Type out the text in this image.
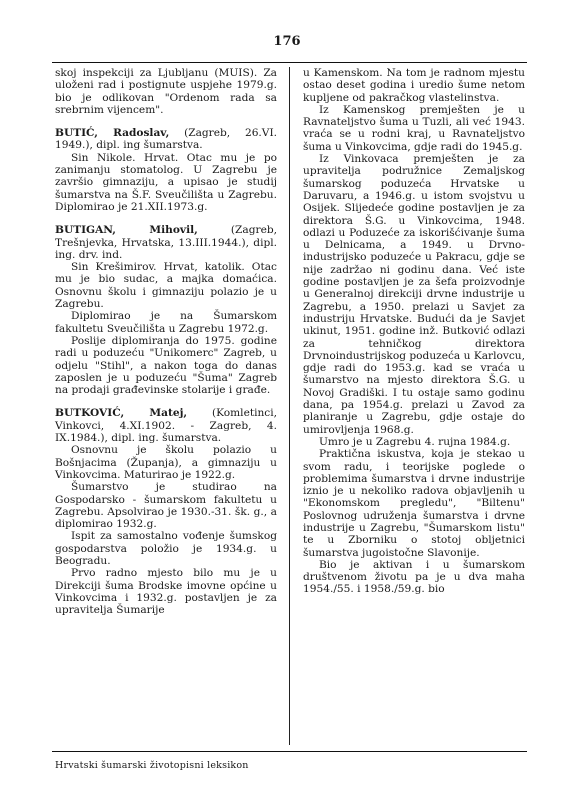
176

skoj inspekciji za Ljubljanu (MUIS). Za uloženi rad i postignute uspjehe 1979.g. bio je odlikovan "Ordenom rada sa srebrnim vijencem".

BUTIĆ, Radoslav, (Zagreb, 26.VI. 1949.), dipl. ing šumarstva.

Sin Nikole. Hrvat. Otac mu je po zanimanju stomatolog. U Zagrebu je završio gimnaziju, a upisao je studij šumarstva na Š.F. Sveučilišta u Zagrebu. Diplomirao je 21.XII.1973.g.

BUTIGAN, Mihovil, (Zagreb, Trešnjevka, Hrvatska, 13.III.1944.), dipl. ing. drv. ind.

Sin Krešimirov. Hrvat, katolik. Otac mu je bio sudac, a majka domaćica. Osnovnu školu i gimnaziju polazio je u Zagrebu.

Diplomirao je na Šumarskom fakultetu Sveučilišta u Zagrebu 1972.g.

Poslije diplomiranja do 1975. godine radi u poduzeću "Unikomerc" Zagreb, u odjelu "Stihl", a nakon toga do danas zaposlen je u poduzeću "Šuma" Zagreb na prodaji građevinske stolarije i građe.

BUTKOVIĆ, Matej, (Komletinci, Vinkovci, 4.XI.1902. - Zagreb, 4. IX.1984.), dipl. ing. šumarstva.

Osnovnu je školu polazio u Bošnjacima (Županja), a gimnaziju u Vinkovcima. Maturirao je 1922.g.

Šumarstvo je studirao na Gospodarsko - šumarskom fakultetu u Zagrebu. Apsolvirao je 1930.-31. šk. g., a diplomirao 1932.g.

Ispit za samostalno vođenje šumskog gospodarstva položio je 1934.g. u Beogradu.

Prvo radno mjesto bilo mu je u Direkciji šuma Brodske imovne općine u Vinkovcima i 1932.g. postavljen je za upravitelja Šumarije

u Kamenskom. Na tom je radnom mjestu ostao deset godina i uredio šume netom kupljene od pakračkog vlastelinstva.

Iz Kamenskog premješten je u Ravnateljstvo šuma u Tuzli, ali već 1943. vraća se u rodni kraj, u Ravnateljstvo šuma u Vinkovcima, gdje radi do 1945.g.

Iz Vinkovaca premješten je za upravitelja podružnice Zemaljskog šumarskog poduzeća Hrvatske u Daruvaru, a 1946.g. u istom svojstvu u Osijek. Slijedeće godine postavljen je za direktora Š.G. u Vinkovcima, 1948. odlazi u Poduzeće za iskorišćivanje šuma u Delnicama, a 1949. u Drvno-industrijsko poduzeće u Pakracu, gdje se nije zadržao ni godinu dana. Već iste godine postavljen je za šefa proizvodnje u Generalnoj direkciji drvne industrije u Zagrebu, a 1950. prelazi u Savjet za industriju Hrvatske. Budući da je Savjet ukinut, 1951. godine inž. Butković odlazi za tehničkog direktora Drvnoindustrijskog poduzeća u Karlovcu, gdje radi do 1953.g. kad se vraća u šumarstvo na mjesto direktora Š.G. u Novoj Gradiški. I tu ostaje samo godinu dana, pa 1954.g. prelazi u Zavod za planiranje u Zagrebu, gdje ostaje do umirovljenja 1968.g.

Umro je u Zagrebu 4. rujna 1984.g.

Praktična iskustva, koja je stekao u svom radu, i teorijske poglede o problemima šumarstva i drvne industrije iznio je u nekoliko radova objavljenih u "Ekonomskom pregledu", "Biltenu" Poslovnog udruženja šumarstva i drvne industrije u Zagrebu, "Šumarskom listu" te u Zborniku o stotoj obljetnici šumarstva jugoistočne Slavonije.

Bio je aktivan i u šumarskom društvenom životu pa je u dva maha 1954./55. i 1958./59.g. bio

Hrvatski šumarski životopisni leksikon
